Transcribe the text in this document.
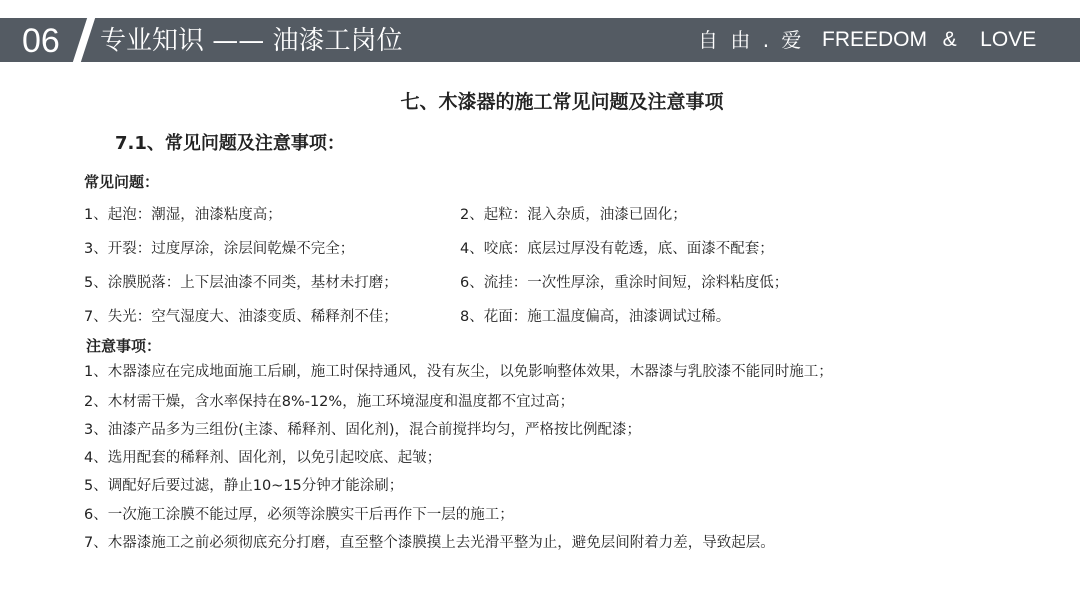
06 专业知识 —— 油漆工岗位	自 由 . 爱 FREEDOM  &   LOVE
七、木漆器的施工常见问题及注意事项
7.1、常见问题及注意事项：
常见问题：
1、起泡：潮湿，油漆粘度高；	2、起粒：混入杂质，油漆已固化；
3、开裂：过度厚涂，涂层间乾燥不完全；	4、咬底：底层过厚没有乾透，底、面漆不配套；
5、涂膜脱落：上下层油漆不同类，基材未打磨；	6、流挂：一次性厚涂，重涂时间短，涂料粘度低；
7、失光：空气湿度大、油漆变质、稀释剂不佳；	8、花面：施工温度偏高，油漆调试过稀。
注意事项：
1、木器漆应在完成地面施工后刷，施工时保持通风，没有灰尘，以免影响整体效果，木器漆与乳胶漆不能同时施工；
2、木材需干燥，含水率保持在8%-12%，施工环境湿度和温度都不宜过高；
3、油漆产品多为三组份(主漆、稀释剂、固化剂)，混合前搅拌均匀，严格按比例配漆；
4、选用配套的稀释剂、固化剂，以免引起咬底、起皱；
5、调配好后要过滤，静止10~15分钟才能涂刷；
6、一次施工涂膜不能过厚，必须等涂膜实干后再作下一层的施工；
7、木器漆施工之前必须彻底充分打磨，直至整个漆膜摸上去光滑平整为止，避免层间附着力差，导致起层。
